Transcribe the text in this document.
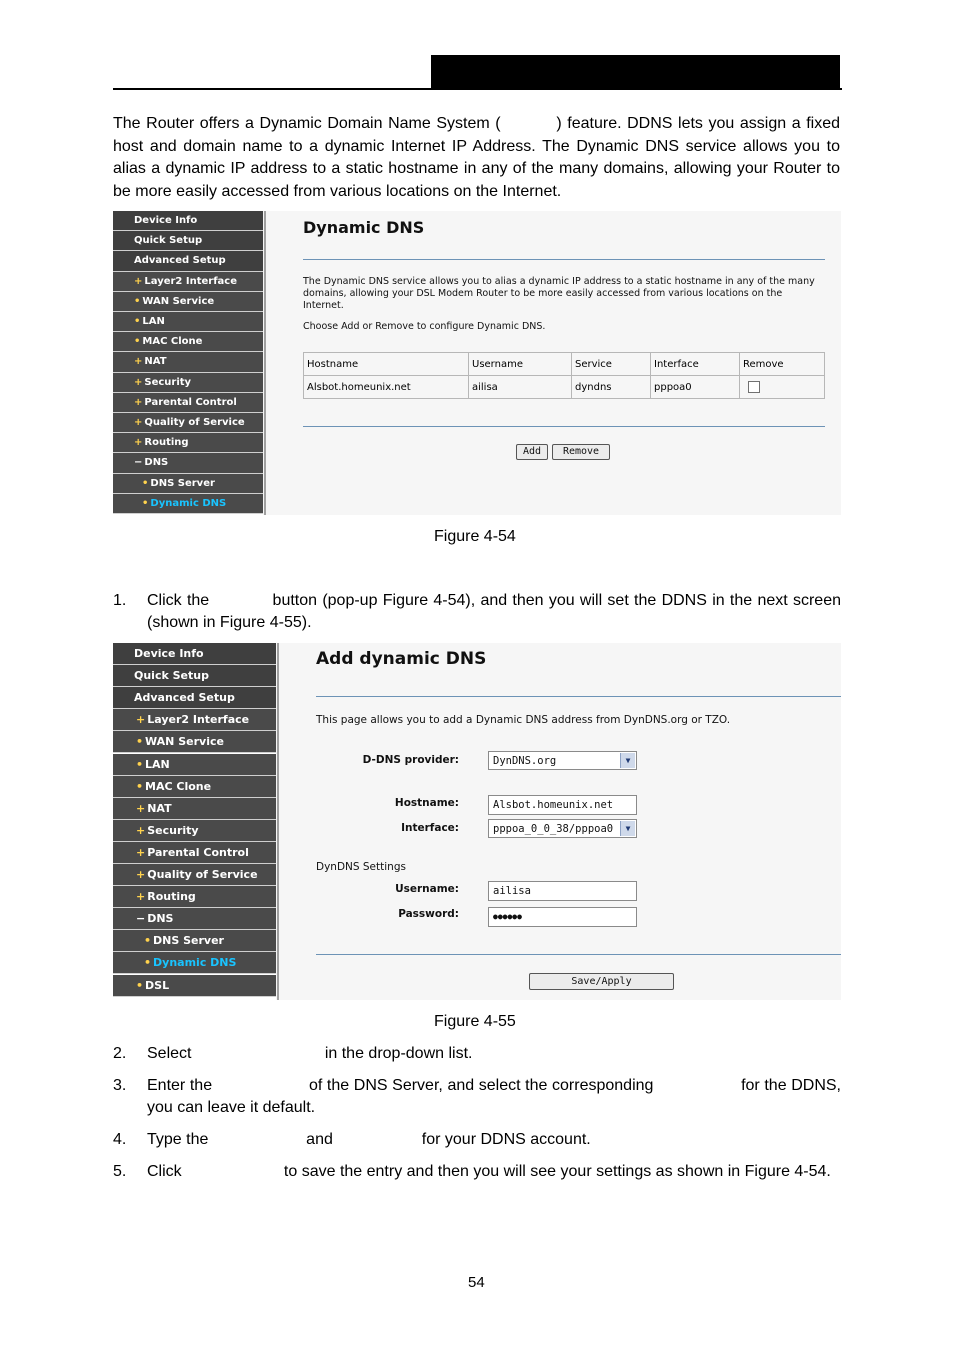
The Router offers a Dynamic Domain Name System (          ) feature. DDNS lets you assign a fixed host and domain name to a dynamic Internet IP Address. The Dynamic DNS service allows you to alias a dynamic IP address to a static hostname in any of the many domains, allowing your Router to be more easily accessed from various locations on the Internet.
Device Info
Quick Setup
Advanced Setup
+ Layer2 Interface
• WAN Service
• LAN
• MAC Clone
+ NAT
+ Security
+ Parental Control
+ Quality of Service
+ Routing
− DNS
• DNS Server
• Dynamic DNS
Dynamic DNS
The Dynamic DNS service allows you to alias a dynamic IP address to a static hostname in any of the many domains, allowing your DSL Modem Router to be more easily accessed from various locations on the Internet.
Choose Add or Remove to configure Dynamic DNS.
Hostname	Username	Service	Interface	Remove
Alsbot.homeunix.net	ailisa	dyndns	pppoa0	
Add	Remove
Figure 4-54
1. Click the            button (pop-up Figure 4-54), and then you will set the DDNS in the next screen (shown in Figure 4-55).
Device Info
Quick Setup
Advanced Setup
+ Layer2 Interface
• WAN Service
• LAN
• MAC Clone
+ NAT
+ Security
+ Parental Control
+ Quality of Service
+ Routing
− DNS
• DNS Server
• Dynamic DNS
• DSL
Add dynamic DNS
This page allows you to add a Dynamic DNS address from DynDNS.org or TZO.
D-DNS provider:	DynDNS.org	▼
Hostname:	Alsbot.homeunix.net
Interface:	pppoa_0_0_38/pppoa0	▼
DynDNS Settings
Username:	ailisa
Password:	●●●●●●
Save/Apply
Figure 4-55
2. Select                              in the drop-down list.
3. Enter the                     of the DNS Server, and select the corresponding                   for the DDNS, you can leave it default.
4. Type the                      and                    for your DDNS account.
5. Click                       to save the entry and then you will see your settings as shown in Figure 4-54.
54
